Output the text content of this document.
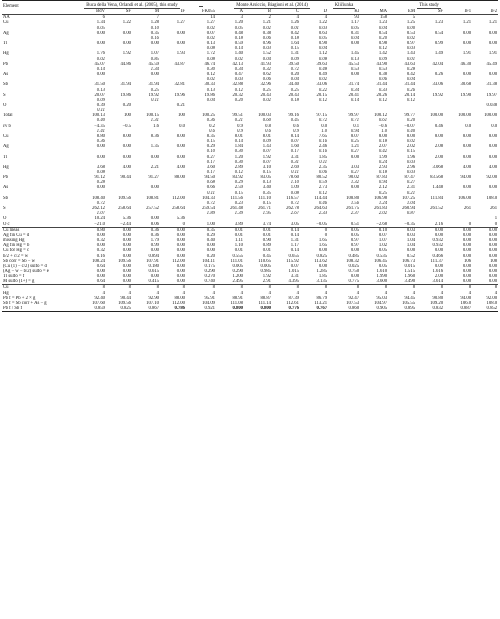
Element	Buca della Vena, Orlandi et al. (2005), this study					Monte Arsiccio, Biagioni et al. (2014)				Kličiunka	This study				
	BdV	SF	M	IF	FK055	A	B	C	D	Kl	MA	EM	SF	IF1	IF2
NA	6		7		14	3	2	4	4	93	158	5			

Cu	1.34	1.22	1.28	1.27	1.27	1.20	1.21	1.26	1.22	1.17	1.23	1.25	1.23	1.21	1.21
	0.05		0.10		0.02	0.05	0.02	0.01	0.03	0.05	0.04	0.00			
Ag	0.00	0.00	0.35	0.00	0.07	0.48	0.38	0.42	0.63	0.31	0.54	0.53	0.54	0.00	0.00
			0.16		0.02	0.18	0.06	0.18	0.05	0.04	0.20	0.02			
Tl	0.00	0.00	0.00	0.00	0.13	0.59	0.96	1.64	0.90	0.00	0.98	0.97	0.99	0.00	0.00
					0.08	0.14	0.03	0.15	0.04		0.12	0.03			
Hg	1.76	1.92	1.07	1.93	1.72	1.40	1.52	1.31	1.12	1.45	1.42	1.43	1.49	1.91	1.91
	0.02		0.85		0.08	0.02	0.04	0.09	0.08	0.13	0.09	0.01			
Pb	45.07	44.86	45.59	43.87	46.74	42.13	41.93	39.50	39.63	45.53	43.90	43.63	42.04	46.30	45.49
	0.14		1.34		0.30	0.34	0.32	0.72	0.48	0.53	0.53	0.28			
As	0.00		0.00		0.12	0.47	0.62	0.20	0.49	0.00	0.38	0.42	0.26	0.00	0.00
					0.02	0.03	0.06	0.04	0.02		0.06	0.04			
Sb	31.50	31.94	31.94	32.81	30.33	32.88	32.96	34.40	33.06	31.74	31.44	31.44	33.06	30.68	31.38
	0.13		0.25		0.13	0.12	0.25	0.25	0.22	0.34	0.33	0.26			
S	20.07	19.86	19.92	19.96	19.86	20.32	20.43	20.43	20.15	20.41	20.26	20.14	19.92	19.90	19.97
	0.09		0.11		0.04	0.20	0.02	0.18	0.12	0.14	0.12	0.12			

O	0.39	0.20		0.21											0.038
	0.11														

Total	100.13	100	100.15	100	100.25	99.51	100.03	99.16	97.15	99.97	100.12	99.77	100.00	100.00	100.00
	0.40		1.31		0.36	0.21	0.60	0.45	0.72	0.71	0.61	0.20			

εv b	−4.35	−0.5	1.6	0.0	0.2	0.9	0.8	0.6	0.0	0.1	−0.6	−0.07	0.46	0.0	0.0
	1.41				0.6	0.9	0.6	0.9	1.0	0.94	1.0	0.40			

Cu	8.80	8.00	8.36	8.00	8.35	8.01	8.01	8.14	7.65	8.07	8.00	8.00	8.00	8.00	8.00
	0.36				0.15	0.14	0.09	0.07	0.16	0.25	0.18	0.02			
Ag	0.00	0.00	1.35	0.00	0.29	1.84	1.43	1.60	2.46	1.21	2.07	2.02	2.08	0.00	0.00
					0.10	0.30	0.07	0.17	0.16	0.27	0.42	0.15			
Tl	0.00	0.00	0.00	0.00	0.27	1.20	1.92	3.31	1.85	0.00	1.99	1.96	2.00	0.00	0.00
					0.17	0.30	0.07	0.31	0.11		0.24	0.03			
Hg	3.68	4.00	2.21	4.00	3.60	2.89	3.10	2.69	2.35	3.03	2.93	2.96	3.068	4.00	4.00
	0.08				0.17	0.12	0.15	0.11	0.06	0.27	0.18	0.03			
Pb	91.12	90.44	91.27	88.00	94.50	83.92	83.05	78.60	80.52	90.02	87.83	87.47	83.568	94.00	92.00
	0.28				0.68	0.29	0.13	1.10	0.59	1.32	0.94	0.27			
As	0.00		0.00		0.66	2.59	3.40	1.09	2.73	0.00	2.12	2.31	1.448	0.00	0.00
					0.11	0.15	0.35	0.08	0.12		0.25	0.21			
Sb	108.40	109.56	108.81	112.00	104.33	111.56	111.10	116.57	114.44	108.80	106.98	107.25	111.84	106.00	108.0
	0.72				0.72	0.23	0.15	0.72	0.46	1.56	1.24	1.04			
S	262.12	258.64	257.52	258.64	259.54	261.48	261.71	262.78	264.63	261.75	261.83	260.94	261.52	261	261
	1.07				1.89	1.39	1.95	2.67	2.33	2.37	2.02	0.87			

O	10.24	5.36	0.00	5.36											1

O c	−21.0	−2.44	8.06	0	1.00	3.89	3.74	3.05	−0.05	0.51	−2.68	−0.35	2.16	0	0

Cu meas	0.80	0.00	0.36	0.00	0.35	0.01	0.01	0.14	0	0.05	0.10	0.03	0.00	0.00	0.00
Ag fin Cu = d	0.00	0.00	0.36	0.00	0.29	0.01	0.01	0.14	0	0.05	0.07	0.03	0.00	0.00	0.00
missing Hg	0.32	0.00	1.79	0.00	0.40	1.11	0.90	1.31	1.65	0.97	1.07	1.04	0.932	0.00	0.00
Ag fin Hg = b	0.00	0.00	0.99	0.00	0.00	1.10	0.89	1.17	1.65	0.97	1.02	1.04	0.932	0.00	0.00
Cu for Hg = c	0.32	0.00	0.00	0.00	0.00	0.01	0.01	0.14	0.00	0.00	0.05	0.00	0.00	0.00	0.00
b/2 + c/2 = w	0.16	0.00	0.894	0.00	0.20	0.555	0.45	0.655	0.825	0.485	0.535	0.52	0.466	0.00	0.00
Sb corr = Sb − w	108.24	109.56	107.91	112.00	104.11	111.01	110.65	115.92	113.62	108.32	106.45	106.73	111.37	106	108
(Cu (1) − c/2) sulfo = d	0.64	0.00	0.180	0.00	0.175	0.005	0.005	0.07	0.00	0.025	0.05	0.015	0.00	0.00	0.00
(Ag − w − b/2) sulfo = e	0.00	0.00	0.615	0.00	0.290	0.290	0.985	1.015	1.285	0.750	1.610	1.515	1.616	0.00	0.00
Tl sulfo = f	0.00	0.00	0.00	0.00	0.270	1.200	1.92	3.31	1.85	0.00	1.990	1.960	2.00	0.00	0.00
M sulfo (1+) = g	0.64	0.00	0.415	0.00	0.740	2.495	2.91	4.395	3.135	0.775	3.600	3.490	3.614	0.00	0.00

Cu	8	8	8	8	8	8	8	8	8	8	8	8	8	8	8
Hg	4	4	4	4	4	4	4	4	4	4	4	4	4	4	4
Pb f = Pb + 2 × g	92.40	90.44	92.90	88.00	95.91	88.91	88.87	87.39	86.79	92.47	95.03	94.45	90.80	94.00	92.00
Sb f = Sb corr + As − g	107.60	109.56	107.10	112.00	104.09	111.08	111.14	112.61	113.21	107.53	104.97	105.55	109.20	106.0	108.0
Pb f / Sb f	0.859	0.825	0.867	0.786	0.921	0.800	0.800	0.776	0.767	0.860	0.905	0.895	0.832	0.887	0.852
